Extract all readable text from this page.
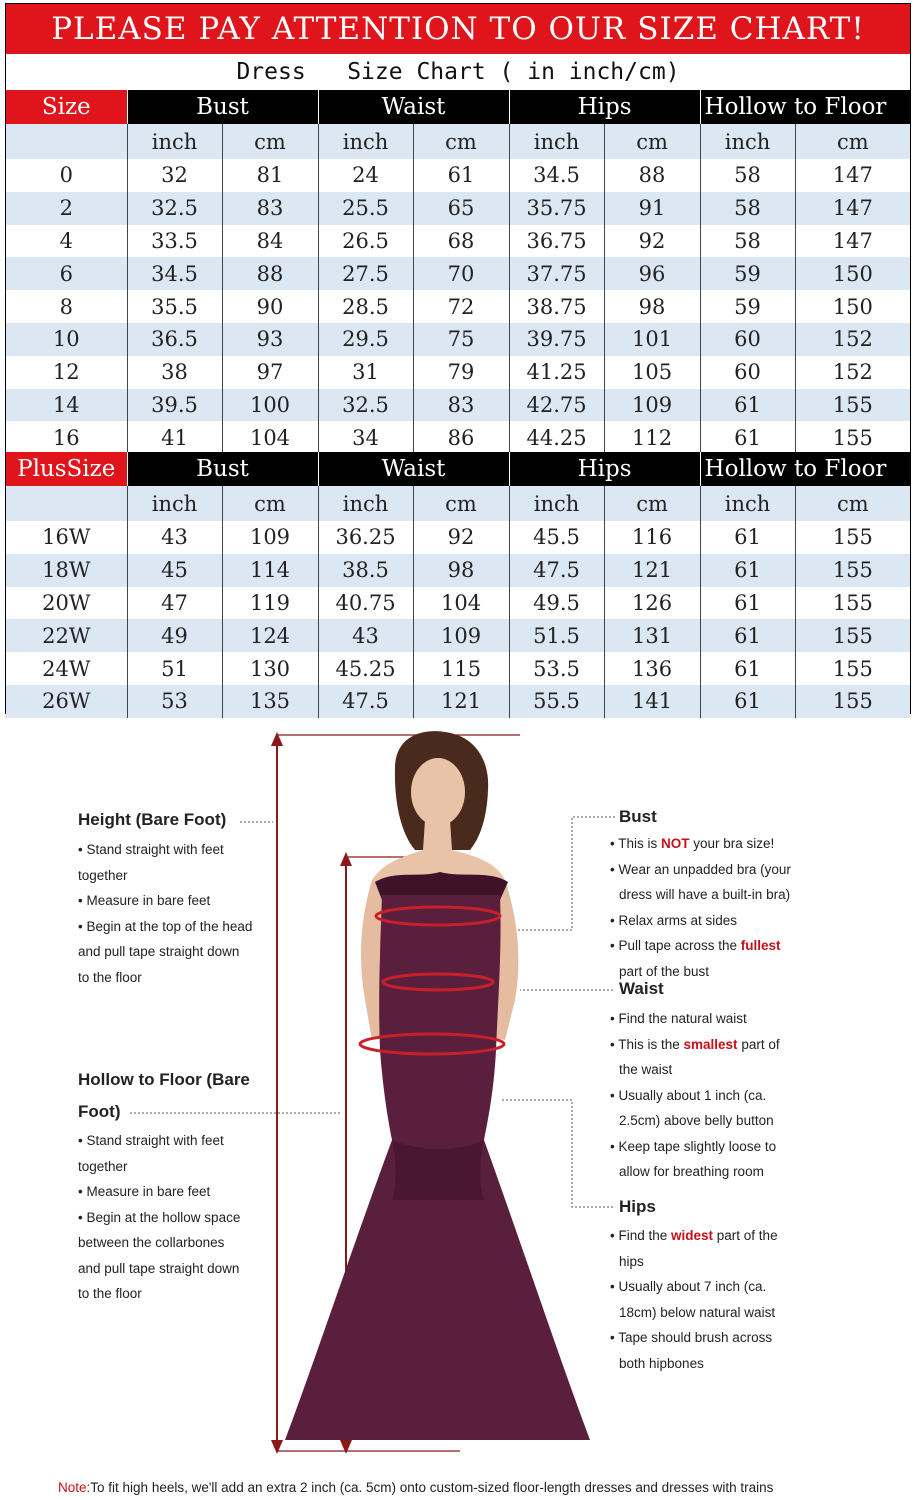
PLEASE PAY ATTENTION TO OUR SIZE CHART!
Dress   Size Chart ( in inch/cm)
Size	Bust		Waist		Hips		Hollow to Floor	
	inch	cm	inch	cm	inch	cm	inch	cm
0	32	81	24	61	34.5	88	58	147
2	32.5	83	25.5	65	35.75	91	58	147
4	33.5	84	26.5	68	36.75	92	58	147
6	34.5	88	27.5	70	37.75	96	59	150
8	35.5	90	28.5	72	38.75	98	59	150
10	36.5	93	29.5	75	39.75	101	60	152
12	38	97	31	79	41.25	105	60	152
14	39.5	100	32.5	83	42.75	109	61	155
16	41	104	34	86	44.25	112	61	155
PlusSize	Bust		Waist		Hips		Hollow to Floor	
	inch	cm	inch	cm	inch	cm	inch	cm
16W	43	109	36.25	92	45.5	116	61	155
18W	45	114	38.5	98	47.5	121	61	155
20W	47	119	40.75	104	49.5	126	61	155
22W	49	124	43	109	51.5	131	61	155
24W	51	130	45.25	115	53.5	136	61	155
26W	53	135	47.5	121	55.5	141	61	155
Height (Bare Foot)
• Stand straight with feet
together
• Measure in bare feet
• Begin at the top of the head
and pull tape straight down
to the floor
Hollow to Floor (Bare
Foot)
• Stand straight with feet
together
• Measure in bare feet
• Begin at the hollow space
between the collarbones
and pull tape straight down
to the floor
Bust
• This is NOT your bra size!
• Wear an unpadded bra (your
dress will have a built-in bra)
• Relax arms at sides
• Pull tape across the fullest
part of the bust
Waist
• Find the natural waist
• This is the smallest part of
the waist
• Usually about 1 inch (ca.
2.5cm) above belly button
• Keep tape slightly loose to
allow for breathing room
Hips
• Find the widest part of the
hips
• Usually about 7 inch (ca.
18cm) below natural waist
• Tape should brush across
both hipbones
Note:To fit high heels, we'll add an extra 2 inch (ca. 5cm) onto custom-sized floor-length dresses and dresses with trains
